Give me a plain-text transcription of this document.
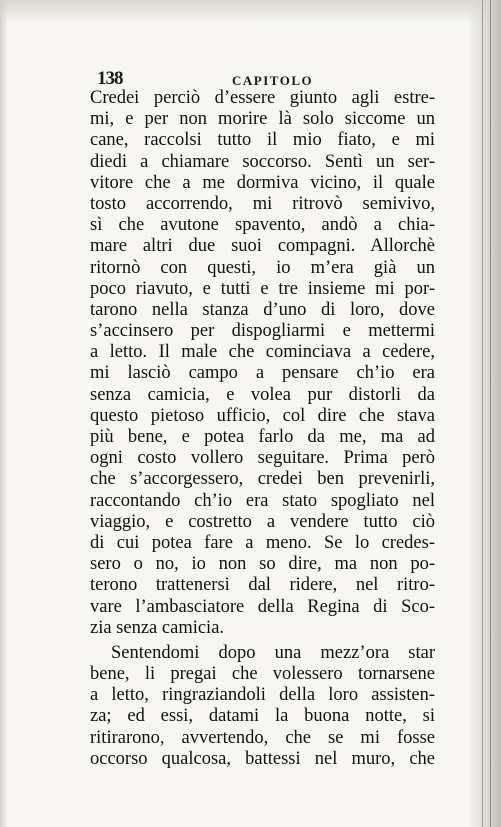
138	CAPITOLO
Credei perciò d’essere giunto agli estre-
mi, e per non morire là solo siccome un
cane, raccolsi tutto il mio fiato, e mi
diedi a chiamare soccorso. Sentì un ser-
vitore che a me dormiva vicino, il quale
tosto accorrendo, mi ritrovò semivivo,
sì che avutone spavento, andò a chia-
mare altri due suoi compagni. Allorchè
ritornò con questi, io m’era già un
poco riavuto, e tutti e tre insieme mi por-
tarono nella stanza d’uno di loro, dove
s’accinsero per dispogliarmi e mettermi
a letto. Il male che cominciava a cedere,
mi lasciò campo a pensare ch’io era
senza camicia, e volea pur distorli da
questo pietoso ufficio, col dire che stava
più bene, e potea farlo da me, ma ad
ogni costo vollero seguitare. Prima però
che s’accorgessero, credei ben prevenirli,
raccontando ch’io era stato spogliato nel
viaggio, e costretto a vendere tutto ciò
di cui potea fare a meno. Se lo credes-
sero o no, io non so dire, ma non po-
terono trattenersi dal ridere, nel ritro-
vare l’ambasciatore della Regina di Sco-
zia senza camicia.
Sentendomi dopo una mezz’ora star
bene, li pregai che volessero tornarsene
a letto, ringraziandoli della loro assisten-
za; ed essi, datami la buona notte, si
ritirarono, avvertendo, che se mi fosse
occorso qualcosa, battessi nel muro, che
